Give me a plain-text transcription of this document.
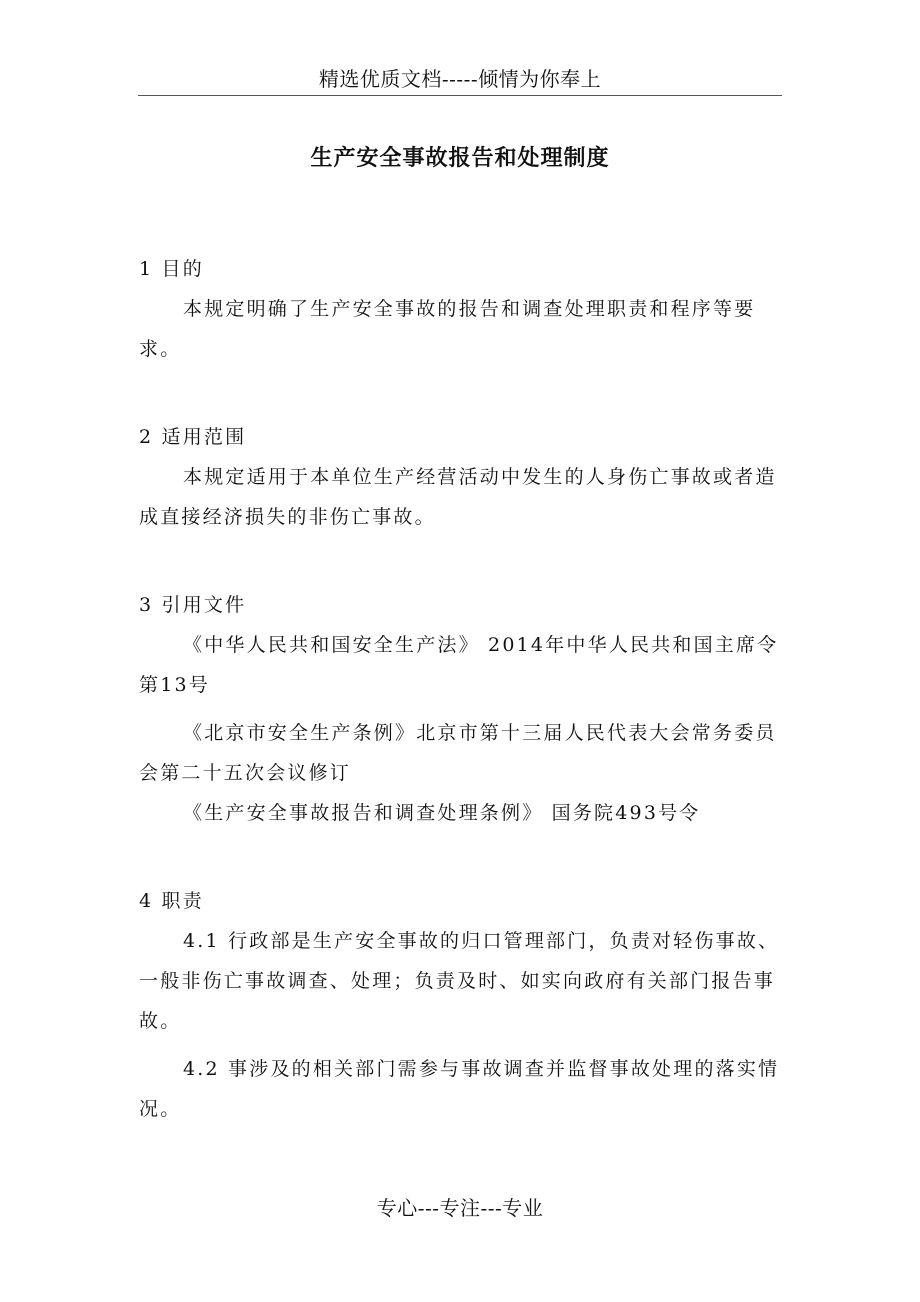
精选优质文档-----倾情为你奉上
生产安全事故报告和处理制度

1 目的

本规定明确了生产安全事故的报告和调查处理职责和程序等要求。

2 适用范围

本规定适用于本单位生产经营活动中发生的人身伤亡事故或者造成直接经济损失的非伤亡事故。

3 引用文件

《中华人民共和国安全生产法》 2014年中华人民共和国主席令第13号

《北京市安全生产条例》北京市第十三届人民代表大会常务委员会第二十五次会议修订

《生产安全事故报告和调查处理条例》 国务院493号令

4 职责

4.1 行政部是生产安全事故的归口管理部门，负责对轻伤事故、一般非伤亡事故调查、处理；负责及时、如实向政府有关部门报告事故。

4.2 事涉及的相关部门需参与事故调查并监督事故处理的落实情况。

专心---专注---专业
